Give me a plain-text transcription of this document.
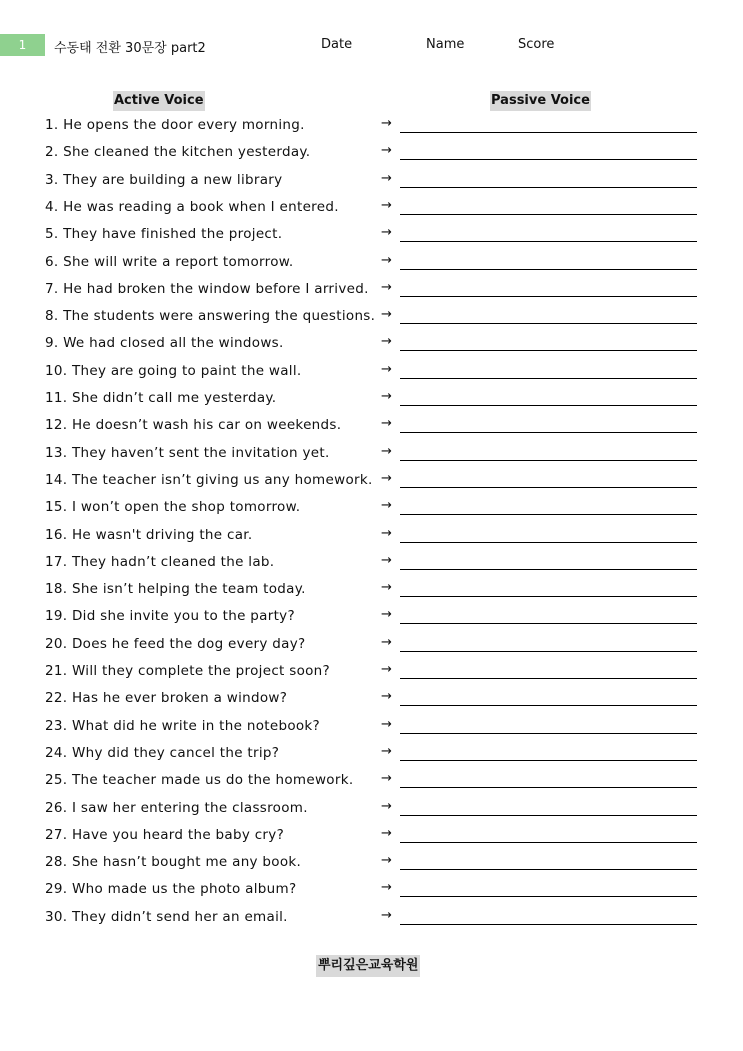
1	수동태 전환 30문장 part2	Date	Name	Score
Active Voice	Passive Voice
1. He opens the door every morning.	→
2. She cleaned the kitchen yesterday.	→
3. They are building a new library	→
4. He was reading a book when I entered.	→
5. They have finished the project.	→
6. She will write a report tomorrow.	→
7. He had broken the window before I arrived. →
8. The students were answering the questions. →
9. We had closed all the windows.	→
10. They are going to paint the wall.	→
11. She didn’t call me yesterday.	→
12. He doesn’t wash his car on weekends.	→
13. They haven’t sent the invitation yet.	→
14. The teacher isn’t giving us any homework. →
15. I won’t open the shop tomorrow.	→
16. He wasn't driving the car.	→
17. They hadn’t cleaned the lab.	→
18. She isn’t helping the team today.	→
19. Did she invite you to the party?	→
20. Does he feed the dog every day?	→
21. Will they complete the project soon?	→
22. Has he ever broken a window?	→
23. What did he write in the notebook?	→
24. Why did they cancel the trip?	→
25. The teacher made us do the homework. →
26. I saw her entering the classroom.	→
27. Have you heard the baby cry?	→
28. She hasn’t bought me any book.	→
29. Who made us the photo album?	→
30. They didn’t send her an email.	→
뿌리깊은교육학원
